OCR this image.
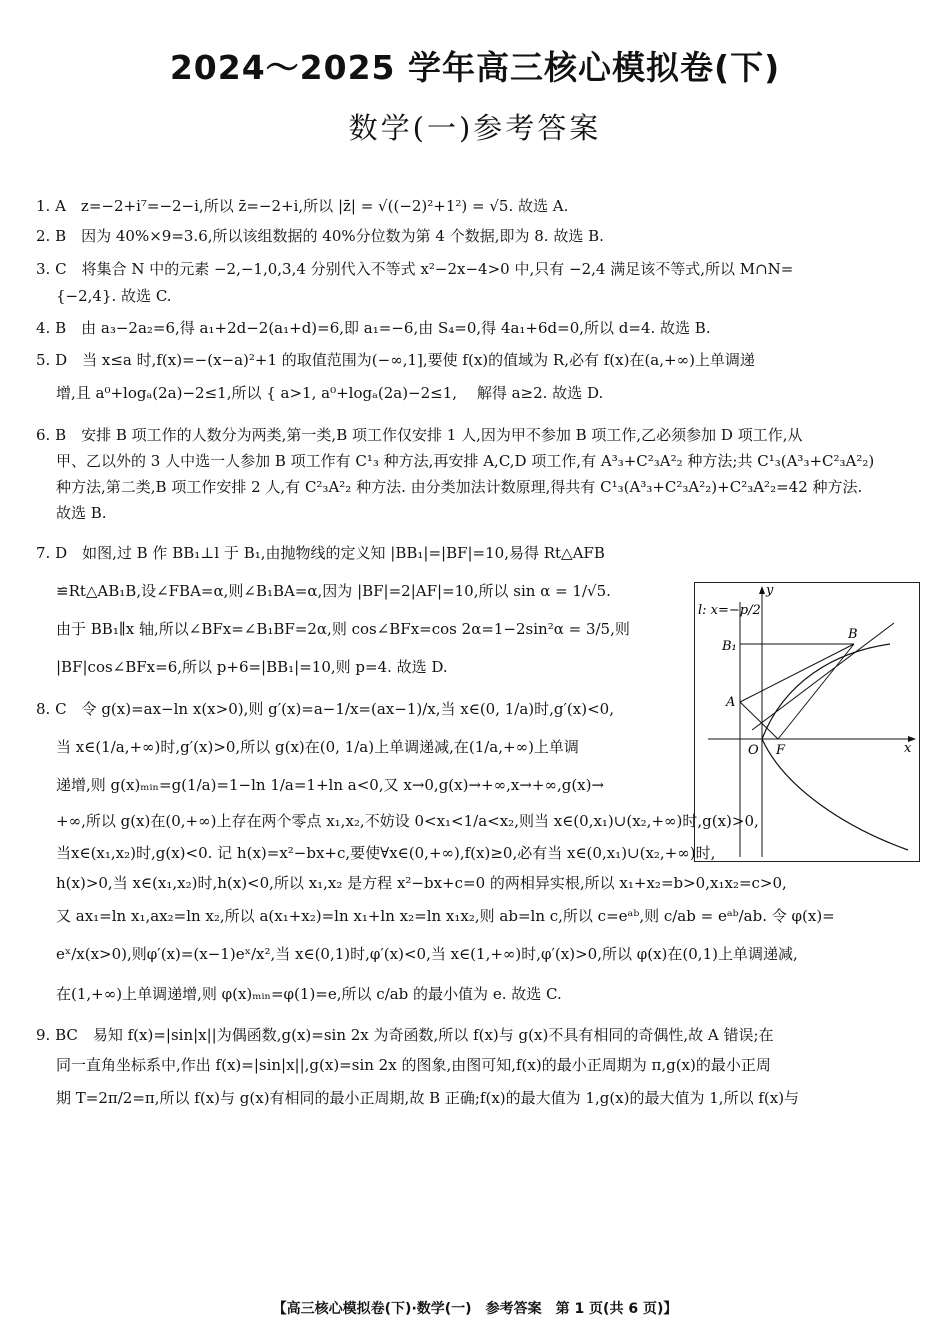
2024～2025 学年高三核心模拟卷(下)
数学(一)参考答案
1. A　z=−2+i⁷=−2−i,所以 z̄=−2+i,所以 |z̄| = √((−2)²+1²) = √5. 故选 A.
2. B　因为 40%×9=3.6,所以该组数据的 40%分位数为第 4 个数据,即为 8. 故选 B.
3. C　将集合 N 中的元素 −2,−1,0,3,4 分别代入不等式 x²−2x−4>0 中,只有 −2,4 满足该不等式,所以 M∩N=
{−2,4}. 故选 C.
4. B　由 a₃−2a₂=6,得 a₁+2d−2(a₁+d)=6,即 a₁=−6,由 S₄=0,得 4a₁+6d=0,所以 d=4. 故选 B.
5. D　当 x≤a 时,f(x)=−(x−a)²+1 的取值范围为(−∞,1],要使 f(x)的值域为 R,必有 f(x)在(a,+∞)上单调递
增,且 a⁰+logₐ(2a)−2≤1,所以 { a>1, a⁰+logₐ(2a)−2≤1, 　解得 a≥2. 故选 D.
6. B　安排 B 项工作的人数分为两类,第一类,B 项工作仅安排 1 人,因为甲不参加 B 项工作,乙必须参加 D 项工作,从
甲、乙以外的 3 人中选一人参加 B 项工作有 C¹₃ 种方法,再安排 A,C,D 项工作,有 A³₃+C²₃A²₂ 种方法;共 C¹₃(A³₃+C²₃A²₂)
种方法,第二类,B 项工作安排 2 人,有 C²₃A²₂ 种方法. 由分类加法计数原理,得共有 C¹₃(A³₃+C²₃A²₂)+C²₃A²₂=42 种方法.
故选 B.
7. D　如图,过 B 作 BB₁⊥l 于 B₁,由抛物线的定义知 |BB₁|=|BF|=10,易得 Rt△AFB
≌Rt△AB₁B,设∠FBA=α,则∠B₁BA=α,因为 |BF|=2|AF|=10,所以 sin α = 1/√5.
由于 BB₁∥x 轴,所以∠BFx=∠B₁BF=2α,则 cos∠BFx=cos 2α=1−2sin²α = 3/5,则
|BF|cos∠BFx=6,所以 p+6=|BB₁|=10,则 p=4. 故选 D.
8. C　令 g(x)=ax−ln x(x>0),则 g′(x)=a−1/x=(ax−1)/x,当 x∈(0, 1/a)时,g′(x)<0,
当 x∈(1/a,+∞)时,g′(x)>0,所以 g(x)在(0, 1/a)上单调递减,在(1/a,+∞)上单调
递增,则 g(x)ₘᵢₙ=g(1/a)=1−ln 1/a=1+ln a<0,又 x→0,g(x)→+∞,x→+∞,g(x)→
+∞,所以 g(x)在(0,+∞)上存在两个零点 x₁,x₂,不妨设 0<x₁<1/a<x₂,则当 x∈(0,x₁)∪(x₂,+∞)时,g(x)>0,
当x∈(x₁,x₂)时,g(x)<0. 记 h(x)=x²−bx+c,要使∀x∈(0,+∞),f(x)≥0,必有当 x∈(0,x₁)∪(x₂,+∞)时,
h(x)>0,当 x∈(x₁,x₂)时,h(x)<0,所以 x₁,x₂ 是方程 x²−bx+c=0 的两相异实根,所以 x₁+x₂=b>0,x₁x₂=c>0,
又 ax₁=ln x₁,ax₂=ln x₂,所以 a(x₁+x₂)=ln x₁+ln x₂=ln x₁x₂,则 ab=ln c,所以 c=eᵃᵇ,则 c/ab = eᵃᵇ/ab. 令 φ(x)=
eˣ/x(x>0),则φ′(x)=(x−1)eˣ/x²,当 x∈(0,1)时,φ′(x)<0,当 x∈(1,+∞)时,φ′(x)>0,所以 φ(x)在(0,1)上单调递减,
在(1,+∞)上单调递增,则 φ(x)ₘᵢₙ=φ(1)=e,所以 c/ab 的最小值为 e. 故选 C.
9. BC　易知 f(x)=|sin|x||为偶函数,g(x)=sin 2x 为奇函数,所以 f(x)与 g(x)不具有相同的奇偶性,故 A 错误;在
同一直角坐标系中,作出 f(x)=|sin|x||,g(x)=sin 2x 的图象,由图可知,f(x)的最小正周期为 π,g(x)的最小正周
期 T=2π/2=π,所以 f(x)与 g(x)有相同的最小正周期,故 B 正确;f(x)的最大值为 1,g(x)的最大值为 1,所以 f(x)与
l: x=−p/2
y
x
O F
A
B
B₁
【高三核心模拟卷(下)·数学(一)　参考答案　第 1 页(共 6 页)】
